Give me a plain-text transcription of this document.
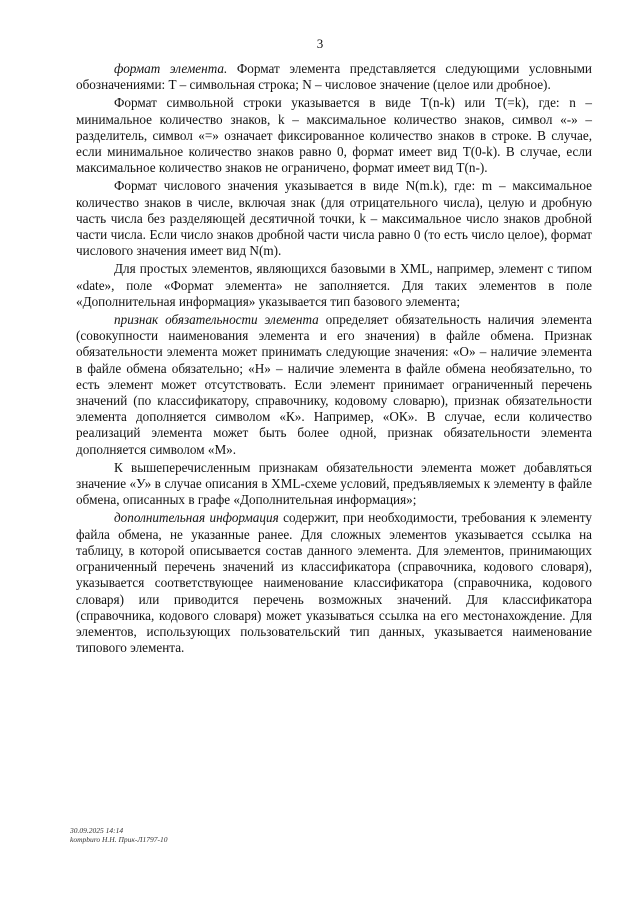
3

формат элемента. Формат элемента представляется следующими условными обозначениями: T – символьная строка; N – числовое значение (целое или дробное).

Формат символьной строки указывается в виде T(n-k) или T(=k), где: n – минимальное количество знаков, k – максимальное количество знаков, символ «-» – разделитель, символ «=» означает фиксированное количество знаков в строке. В случае, если минимальное количество знаков равно 0, формат имеет вид T(0-k). В случае, если максимальное количество знаков не ограничено, формат имеет вид T(n-).

Формат числового значения указывается в виде N(m.k), где: m – максимальное количество знаков в числе, включая знак (для отрицательного числа), целую и дробную часть числа без разделяющей десятичной точки, k – максимальное число знаков дробной части числа. Если число знаков дробной части числа равно 0 (то есть число целое), формат числового значения имеет вид N(m).

Для простых элементов, являющихся базовыми в XML, например, элемент с типом «date», поле «Формат элемента» не заполняется. Для таких элементов в поле «Дополнительная информация» указывается тип базового элемента;

признак обязательности элемента определяет обязательность наличия элемента (совокупности наименования элемента и его значения) в файле обмена. Признак обязательности элемента может принимать следующие значения: «О» – наличие элемента в файле обмена обязательно; «Н» – наличие элемента в файле обмена необязательно, то есть элемент может отсутствовать. Если элемент принимает ограниченный перечень значений (по классификатору, справочнику, кодовому словарю), признак обязательности элемента дополняется символом «К». Например, «ОК». В случае, если количество реализаций элемента может быть более одной, признак обязательности элемента дополняется символом «М».

К вышеперечисленным признакам обязательности элемента может добавляться значение «У» в случае описания в XML-схеме условий, предъявляемых к элементу в файле обмена, описанных в графе «Дополнительная информация»;

дополнительная информация содержит, при необходимости, требования к элементу файла обмена, не указанные ранее. Для сложных элементов указывается ссылка на таблицу, в которой описывается состав данного элемента. Для элементов, принимающих ограниченный перечень значений из классификатора (справочника, кодового словаря), указывается соответствующее наименование классификатора (справочника, кодового словаря) или приводится перечень возможных значений. Для классификатора (справочника, кодового словаря) может указываться ссылка на его местонахождение. Для элементов, использующих пользовательский тип данных, указывается наименование типового элемента.

30.09.2025 14:14
kompburo Н.Н. Прик-Л1797-10
